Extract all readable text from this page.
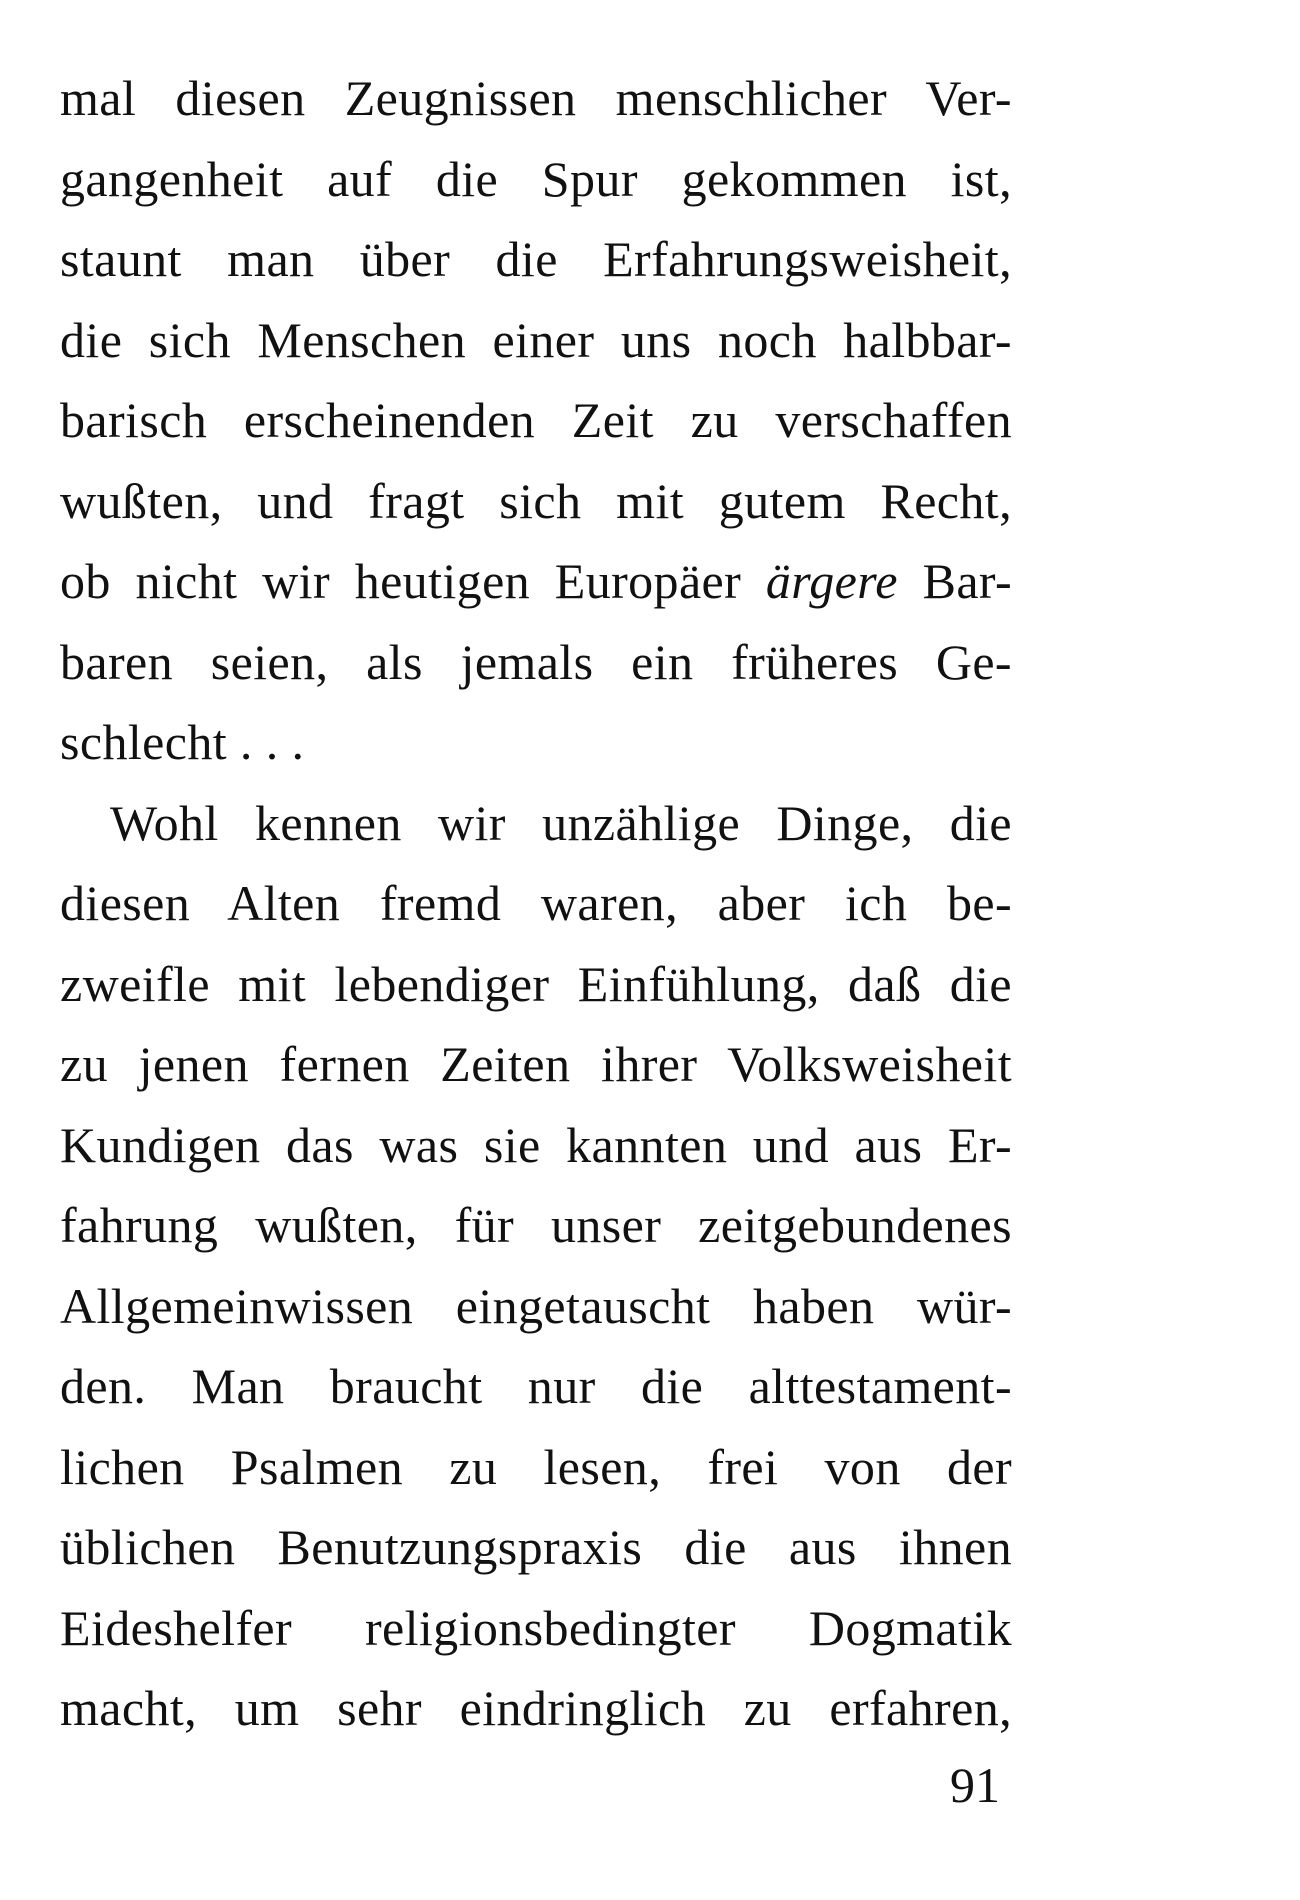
mal diesen Zeugnissen menschlicher Ver-
gangenheit auf die Spur gekommen ist,
staunt man über die Erfahrungsweisheit,
die sich Menschen einer uns noch halbbar-
barisch erscheinenden Zeit zu verschaffen
wußten, und fragt sich mit gutem Recht,
ob nicht wir heutigen Europäer ärgere Bar-
baren seien, als jemals ein früheres Ge-
schlecht . . .
Wohl kennen wir unzählige Dinge, die
diesen Alten fremd waren, aber ich be-
zweifle mit lebendiger Einfühlung, daß die
zu jenen fernen Zeiten ihrer Volksweisheit
Kundigen das was sie kannten und aus Er-
fahrung wußten, für unser zeitgebundenes
Allgemeinwissen eingetauscht haben wür-
den. Man braucht nur die alttestament-
lichen Psalmen zu lesen, frei von der
üblichen Benutzungspraxis die aus ihnen
Eideshelfer religionsbedingter Dogmatik
macht, um sehr eindringlich zu erfahren,
91
